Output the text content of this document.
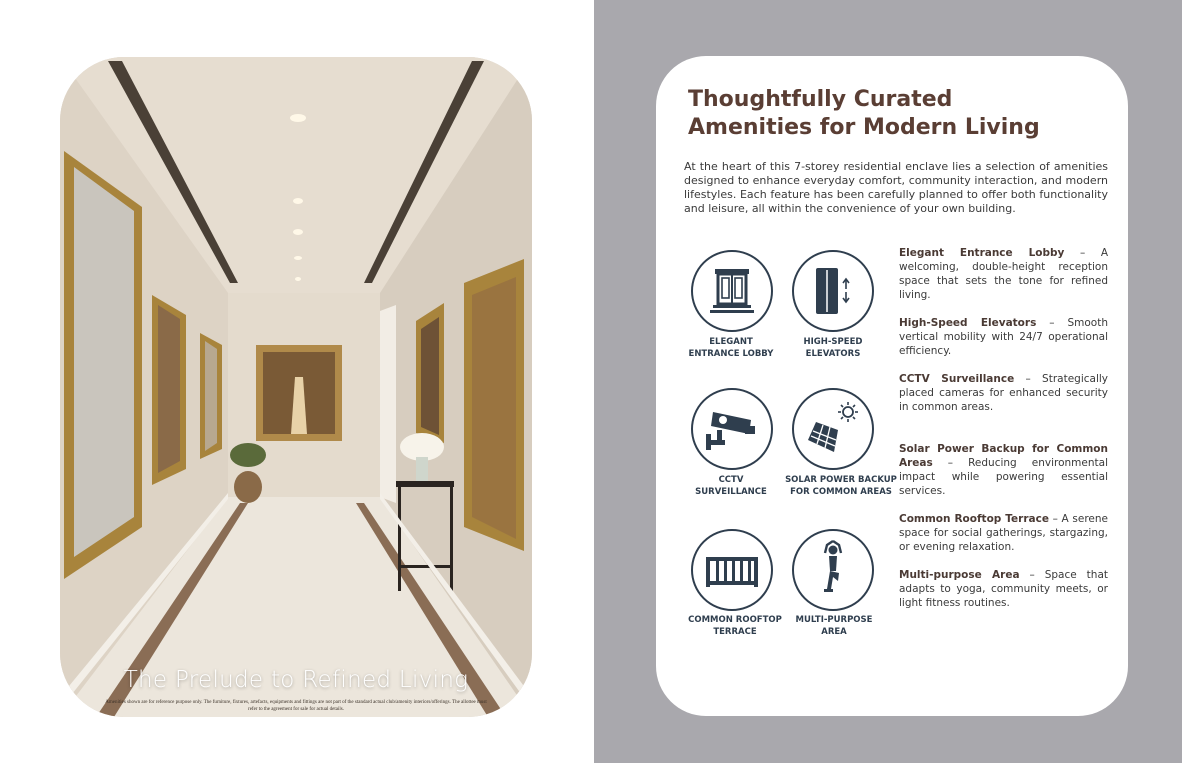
The Prelude to Refined Living
Amenities shown are for reference purpose only. The furniture, fixtures, artefacts, equipments and fittings are not part of the standard actual club/amenity interiors/offerings. The allottee must refer to the agreement for sale for actual details.
Thoughtfully Curated
Amenities for Modern Living

At the heart of this 7-storey residential enclave lies a selection of amenities designed to enhance everyday comfort, community interaction, and modern lifestyles. Each feature has been carefully planned to offer both functionality and leisure, all within the convenience of your own building.

ELEGANT
ENTRANCE LOBBY
HIGH-SPEED
ELEVATORS
CCTV
SURVEILLANCE
SOLAR POWER BACKUP
FOR COMMON AREAS
COMMON ROOFTOP
TERRACE
MULTI-PURPOSE
AREA

Elegant Entrance Lobby – A welcoming, double-height reception space that sets the tone for refined living.

High-Speed Elevators – Smooth vertical mobility with 24/7 operational efficiency.

CCTV Surveillance – Strategically placed cameras for enhanced security in common areas.

Solar Power Backup for Common Areas – Reducing environmental impact while powering essential services.

Common Rooftop Terrace – A serene space for social gatherings, stargazing, or evening relaxation.

Multi-purpose Area – Space that adapts to yoga, community meets, or light fitness routines.
